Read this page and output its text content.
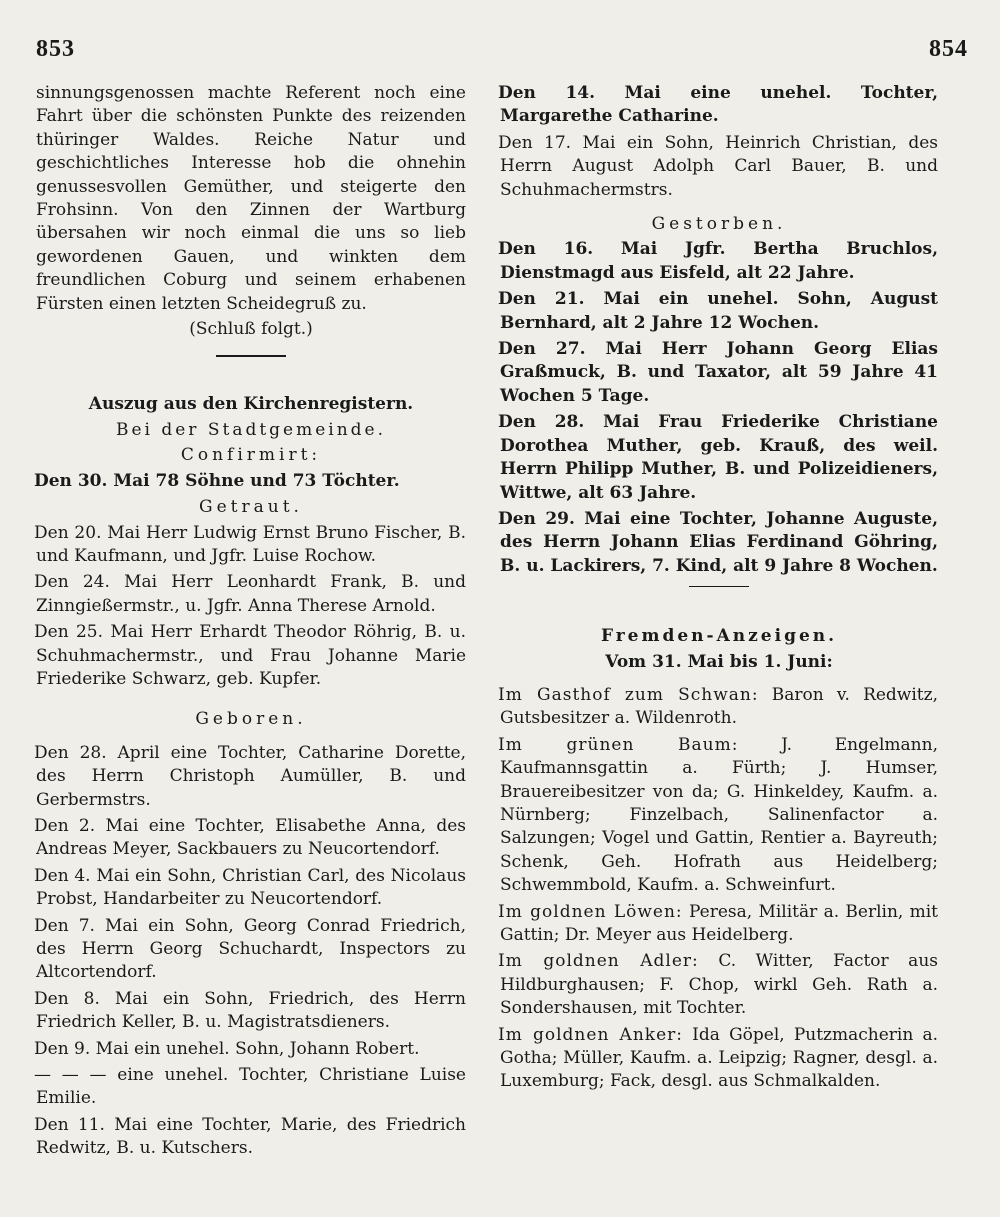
853	854

sinnungsgenossen machte Referent noch eine Fahrt über die schönsten Punkte des reizenden thüringer Waldes. Reiche Natur und geschichtliches Interesse hob die ohnehin genussesvollen Gemüther, und steigerte den Frohsinn. Von den Zinnen der Wartburg übersahen wir noch einmal die uns so lieb gewordenen Gauen, und winkten dem freundlichen Coburg und seinem erhabenen Fürsten einen letzten Scheidegruß zu.

(Schluß folgt.)

Auszug aus den Kirchenregistern.

Bei der Stadtgemeinde.

Confirmirt:

Den 30. Mai 78 Söhne und 73 Töchter.

Getraut.

Den 20. Mai Herr Ludwig Ernst Bruno Fischer, B. und Kaufmann, und Jgfr. Luise Rochow.

Den 24. Mai Herr Leonhardt Frank, B. und Zinngießermstr., u. Jgfr. Anna Therese Arnold.

Den 25. Mai Herr Erhardt Theodor Röhrig, B. u. Schuhmachermstr., und Frau Johanne Marie Friederike Schwarz, geb. Kupfer.

Geboren.

Den 28. April eine Tochter, Catharine Dorette, des Herrn Christoph Aumüller, B. und Gerbermstrs.

Den 2. Mai eine Tochter, Elisabethe Anna, des Andreas Meyer, Sackbauers zu Neucortendorf.

Den 4. Mai ein Sohn, Christian Carl, des Nicolaus Probst, Handarbeiter zu Neucortendorf.

Den 7. Mai ein Sohn, Georg Conrad Friedrich, des Herrn Georg Schuchardt, Inspectors zu Altcortendorf.

Den 8. Mai ein Sohn, Friedrich, des Herrn Friedrich Keller, B. u. Magistratsdieners.

Den 9. Mai ein unehel. Sohn, Johann Robert.

— — — eine unehel. Tochter, Christiane Luise Emilie.

Den 11. Mai eine Tochter, Marie, des Friedrich Redwitz, B. u. Kutschers.

Den 14. Mai eine unehel. Tochter, Margarethe Catharine.

Den 17. Mai ein Sohn, Heinrich Christian, des Herrn August Adolph Carl Bauer, B. und Schuhmachermstrs.

Gestorben.

Den 16. Mai Jgfr. Bertha Bruchlos, Dienstmagd aus Eisfeld, alt 22 Jahre.

Den 21. Mai ein unehel. Sohn, August Bernhard, alt 2 Jahre 12 Wochen.

Den 27. Mai Herr Johann Georg Elias Graßmuck, B. und Taxator, alt 59 Jahre 41 Wochen 5 Tage.

Den 28. Mai Frau Friederike Christiane Dorothea Muther, geb. Krauß, des weil. Herrn Philipp Muther, B. und Polizeidieners, Wittwe, alt 63 Jahre.

Den 29. Mai eine Tochter, Johanne Auguste, des Herrn Johann Elias Ferdinand Göhring, B. u. Lackirers, 7. Kind, alt 9 Jahre 8 Wochen.

Fremden-Anzeigen.

Vom 31. Mai bis 1. Juni:

Im Gasthof zum Schwan: Baron v. Redwitz, Gutsbesitzer a. Wildenroth.

Im grünen Baum:	J. Engelmann, Kaufmannsgattin a. Fürth; J. Humser, Brauereibesitzer von da; G. Hinkeldey, Kaufm. a. Nürnberg; Finzelbach, Salinenfactor a. Salzungen; Vogel und Gattin, Rentier a. Bayreuth; Schenk, Geh. Hofrath aus Heidelberg; Schwemmbold, Kaufm. a. Schweinfurt.

Im goldnen Löwen: Peresa, Militär a. Berlin, mit Gattin; Dr. Meyer aus Heidelberg.

Im goldnen Adler: C. Witter, Factor aus Hildburghausen; F. Chop, wirkl Geh. Rath a. Sondershausen, mit Tochter.

Im goldnen Anker: Ida Göpel, Putzmacherin a. Gotha; Müller, Kaufm. a. Leipzig; Ragner, desgl. a. Luxemburg; Fack, desgl. aus Schmalkalden.
